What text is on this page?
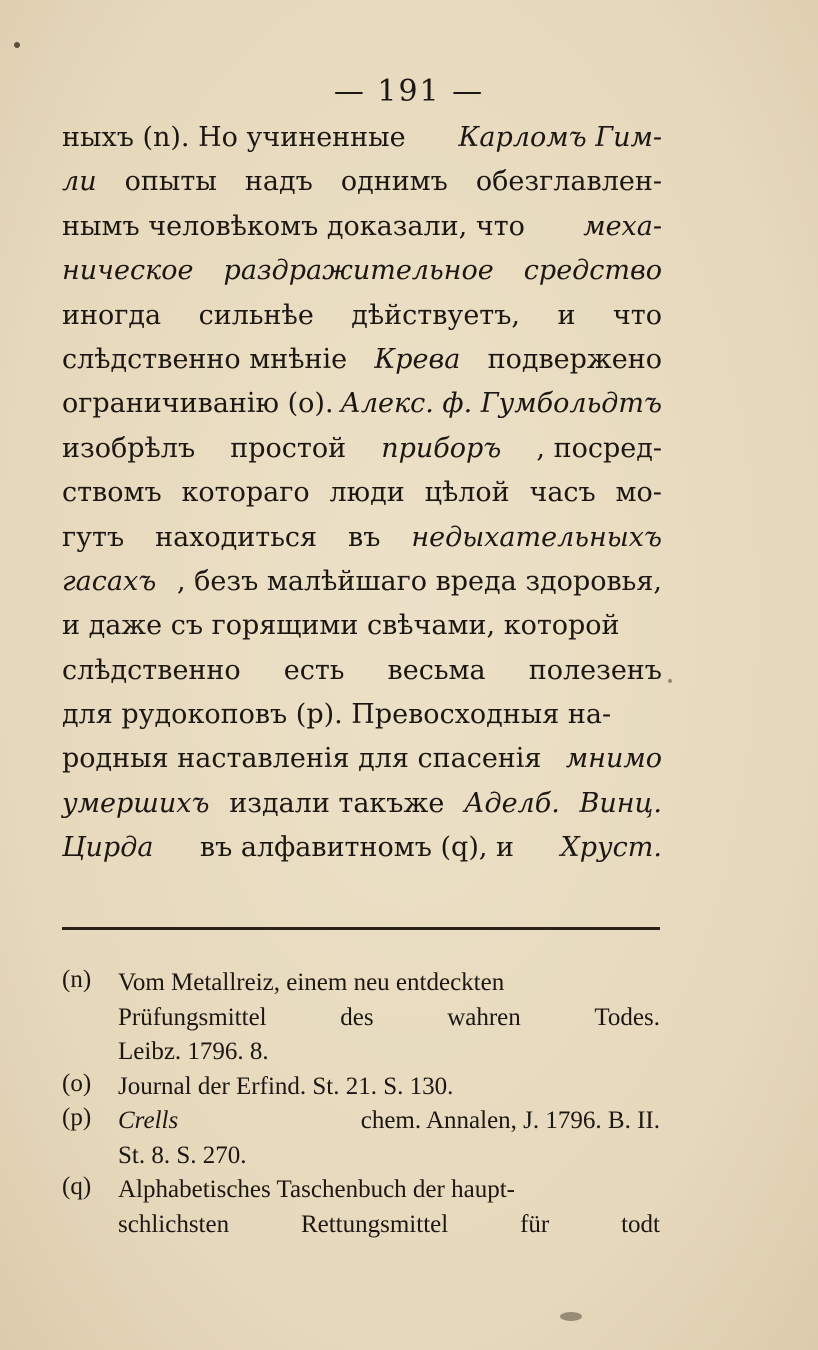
— 191 —
ныхъ (n). Но учиненные Карломъ Гим-
ли опыты надъ однимъ обезглавлен-
нымъ человѣкомъ доказали, что меха-
ническое раздражительное средство
иногда сильнѣе дѣйствуетъ, и что
слѣдственно мнѣніе Крева подвержено
ограничиванію (o). Алекс. ф. Гумбольдтъ
изобрѣлъ простой приборъ , посред-
ствомъ котораго люди цѣлой часъ мо-
гутъ находиться въ недыхательныхъ
гасахъ , безъ малѣйшаго вреда здоровья,
и даже съ горящими свѣчами, которой
слѣдственно есть весьма полезенъ
для рудокоповъ (p). Превосходныя на-
родныя наставленія для спасенія мнимо
умершихъ издали такъже Аделб. Винц.
Цирда въ алфавитномъ (q), и Хруст.
(n)	Vom Metallreiz, einem neu entdeckten
Prüfungsmittel	des	wahren	Todes.
Leibz. 1796. 8.
(o)	Journal der Erfind. St. 21. S. 130.
(p)	Crells	chem. Annalen, J. 1796. B. II.
St. 8. S. 270.
(q)	Alphabetisches Taschenbuch der haupt-
schlichsten	Rettungsmittel	für	todt
